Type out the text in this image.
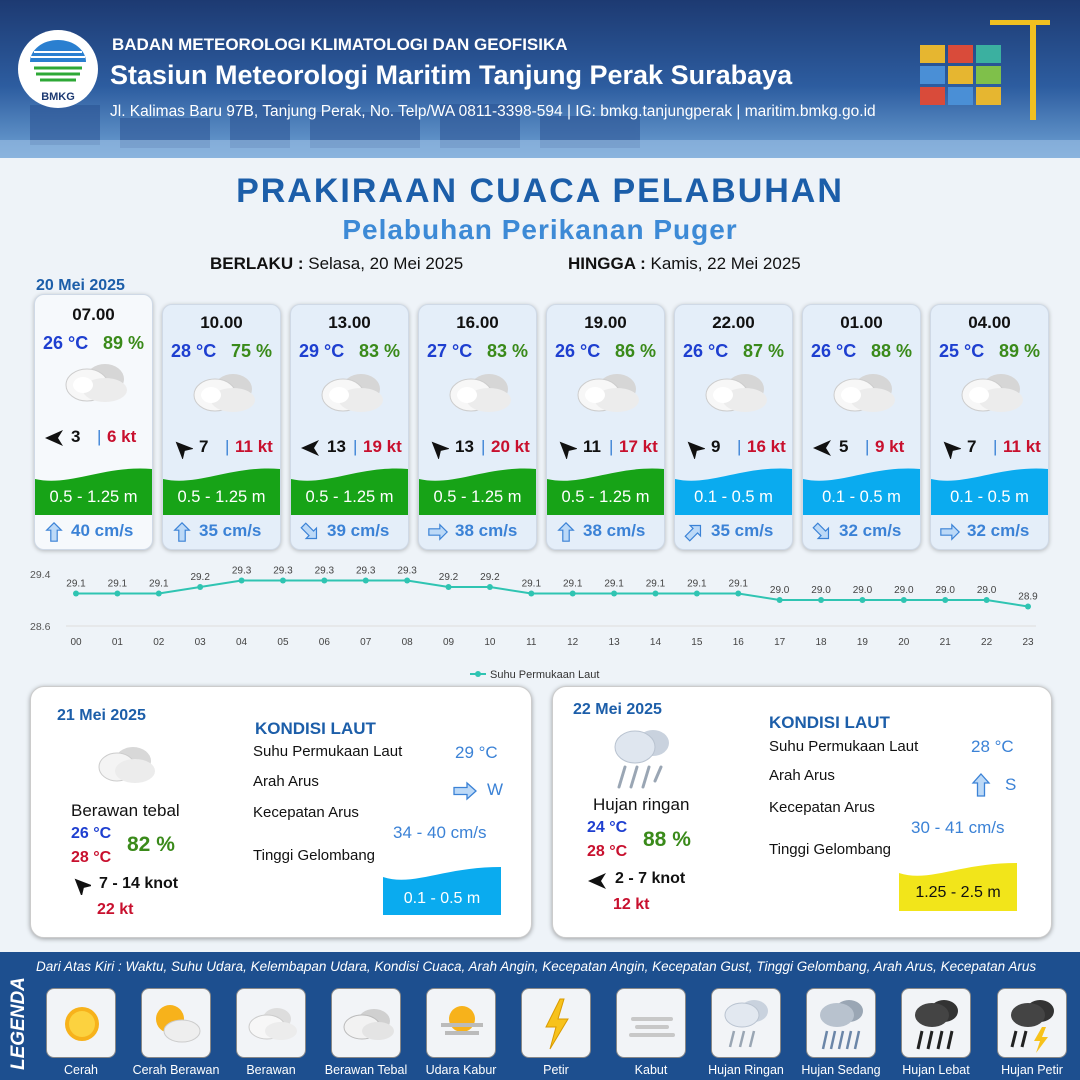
BMKG
BADAN METEOROLOGI KLIMATOLOGI DAN GEOFISIKA
Stasiun Meteorologi Maritim Tanjung Perak Surabaya
Jl. Kalimas Baru 97B, Tanjung Perak, No. Telp/WA 0811-3398-594 | IG: bmkg.tanjungperak | maritim.bmkg.go.id
PRAKIRAAN CUACA PELABUHAN
Pelabuhan Perikanan Puger
BERLAKU : Selasa, 20 Mei 2025	HINGGA : Kamis, 22 Mei 2025
20 Mei 2025
07.00
26 °C 89 %
3 | 6 kt
0.5 - 1.25 m
40 cm/s
10.00
28 °C 75 %
7 | 11 kt
0.5 - 1.25 m
35 cm/s
13.00
29 °C 83 %
13 | 19 kt
0.5 - 1.25 m
39 cm/s
16.00
27 °C 83 %
13 | 20 kt
0.5 - 1.25 m
38 cm/s
19.00
26 °C 86 %
11 | 17 kt
0.5 - 1.25 m
38 cm/s
22.00
26 °C 87 %
9 | 16 kt
0.1 - 0.5 m
35 cm/s
01.00
26 °C 88 %
5 | 9 kt
0.1 - 0.5 m
32 cm/s
04.00
25 °C 89 %
7 | 11 kt
0.1 - 0.5 m
32 cm/s
29.4
28.6
29.1
00
29.1
01
29.1
02
29.2
03
29.3
04
29.3
05
29.3
06
29.3
07
29.3
08
29.2
09
29.2
10
29.1
11
29.1
12
29.1
13
29.1
14
29.1
15
29.1
16
29.0
17
29.0
18
29.0
19
29.0
20
29.0
21
29.0
22
28.9
23
Suhu Permukaan Laut
21 Mei 2025
Berawan tebal
26 °C
28 °C
82 %
7 - 14 knot
22 kt
KONDISI LAUT
Suhu Permukaan Laut	29 °C
Arah Arus	W
Kecepatan Arus
34 - 40 cm/s
Tinggi Gelombang
0.1 - 0.5 m
22 Mei 2025
Hujan ringan
24 °C
28 °C
88 %
2 - 7 knot
12 kt
KONDISI LAUT
Suhu Permukaan Laut	28 °C
Arah Arus	S
Kecepatan Arus
30 - 41 cm/s
Tinggi Gelombang
1.25 - 2.5 m
LEGENDA
Dari Atas Kiri : Waktu, Suhu Udara, Kelembapan Udara, Kondisi Cuaca, Arah Angin, Kecepatan Angin, Kecepatan Gust, Tinggi Gelombang, Arah Arus, Kecepatan Arus
Cerah	Cerah Berawan	Berawan	Berawan Tebal	Udara Kabur	Petir	Kabut	Hujan Ringan	Hujan Sedang	Hujan Lebat	Hujan Petir
